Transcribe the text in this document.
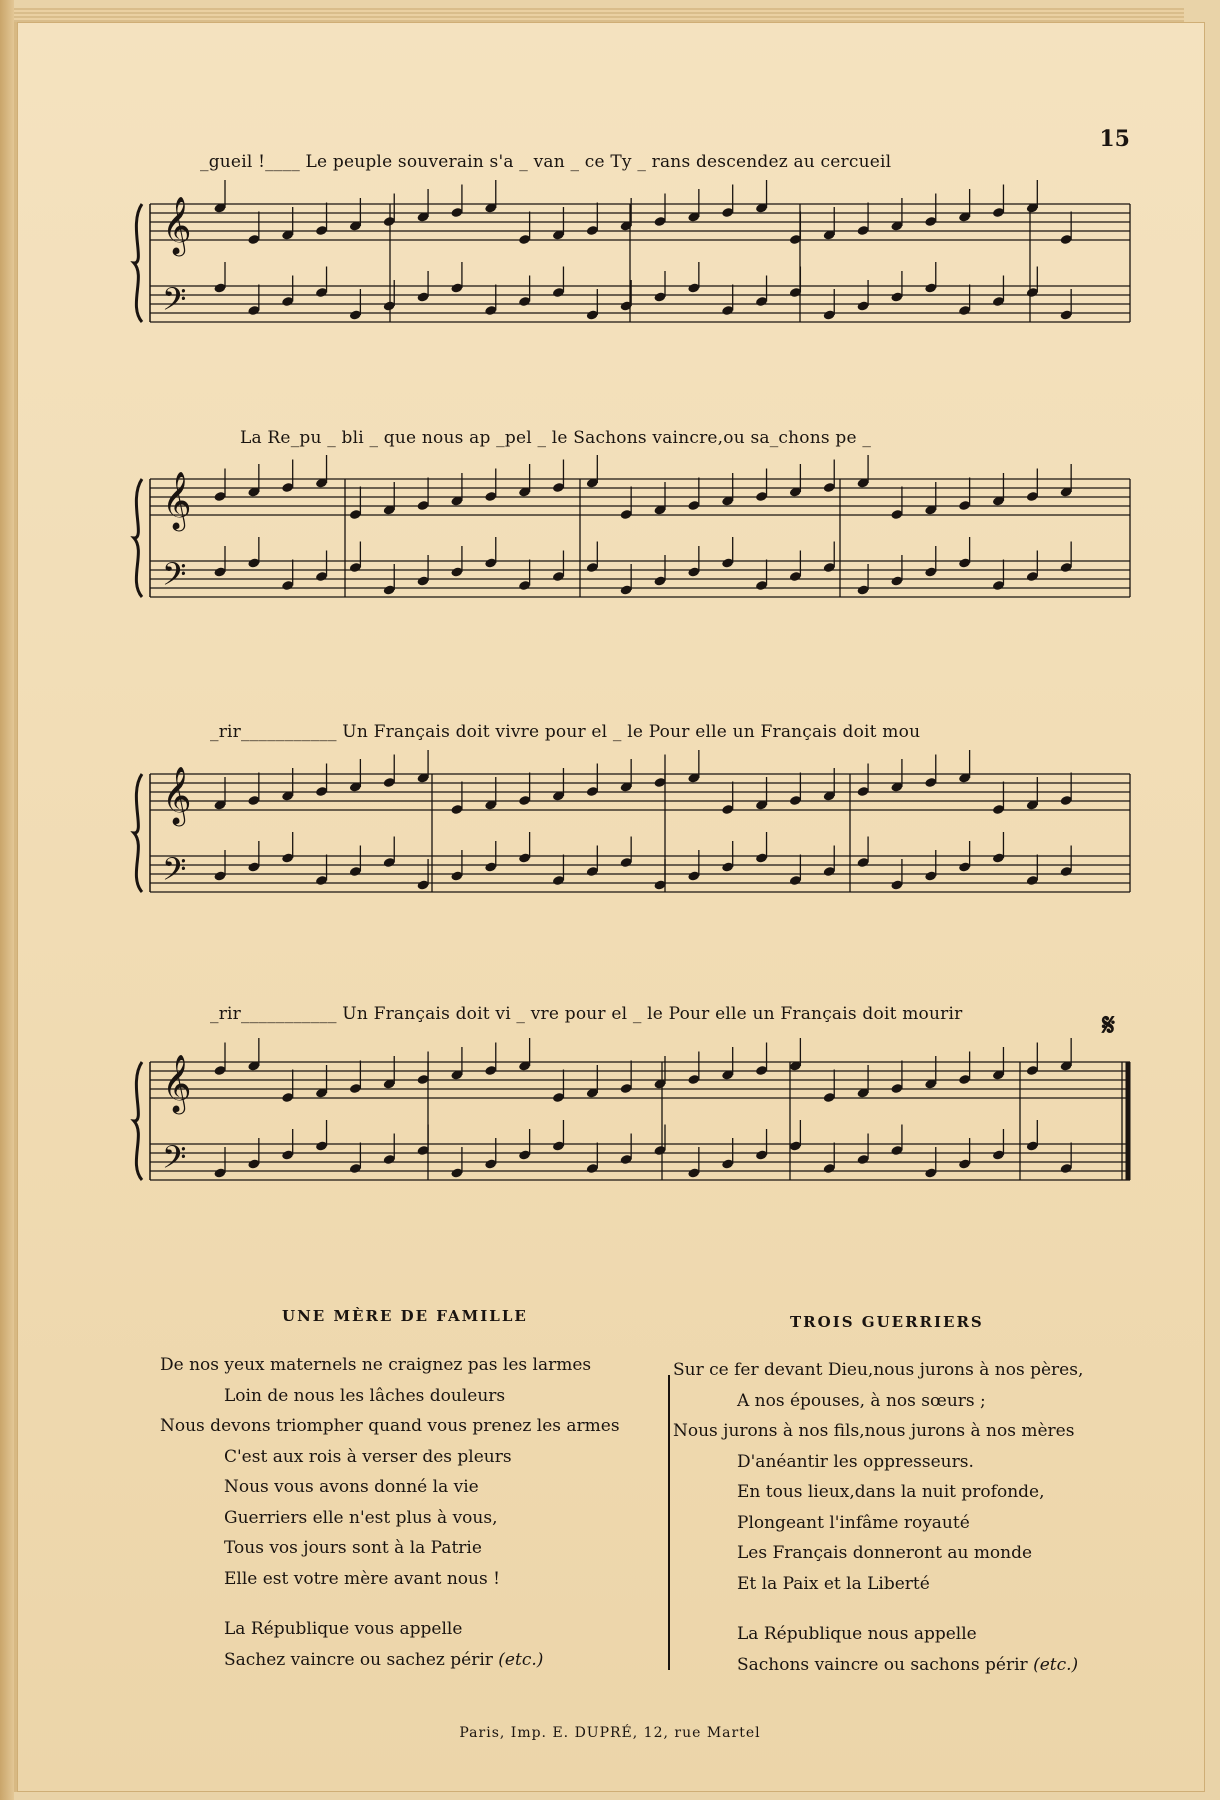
15
_gueil !____ Le peuple souverain s'a _ van _ ce Ty _ rans descendez au cercueil
𝄞
𝄢
La Re_pu _ bli _ que nous ap _pel _ le Sachons vaincre,ou sa_chons pe _
𝄞
𝄢
_rir___________ Un Français doit vivre pour el _ le Pour elle un Français doit mou
𝄞
𝄢
_rir___________ Un Français doit vi _ vre pour el _ le Pour elle un Français doit mourir	𝄋
𝄞
𝄢
UNE MÈRE DE FAMILLE	TROIS GUERRIERS
De nos yeux maternels ne craignez pas les larmes
Loin de nous les lâches douleurs
Nous devons triompher quand vous prenez les armes
C'est aux rois à verser des pleurs
Nous vous avons donné la vie
Guerriers elle n'est plus à vous,
Tous vos jours sont à la Patrie
Elle est votre mère avant nous !
La République vous appelle
Sachez vaincre ou sachez périr (etc.)
Sur ce fer devant Dieu,nous jurons à nos pères,
A nos épouses, à nos sœurs ;
Nous jurons à nos fils,nous jurons à nos mères
D'anéantir les oppresseurs.
En tous lieux,dans la nuit profonde,
Plongeant l'infâme royauté
Les Français donneront au monde
Et la Paix et la Liberté
La République nous appelle
Sachons vaincre ou sachons périr (etc.)
Paris, Imp. E. DUPRÉ, 12, rue Martel
